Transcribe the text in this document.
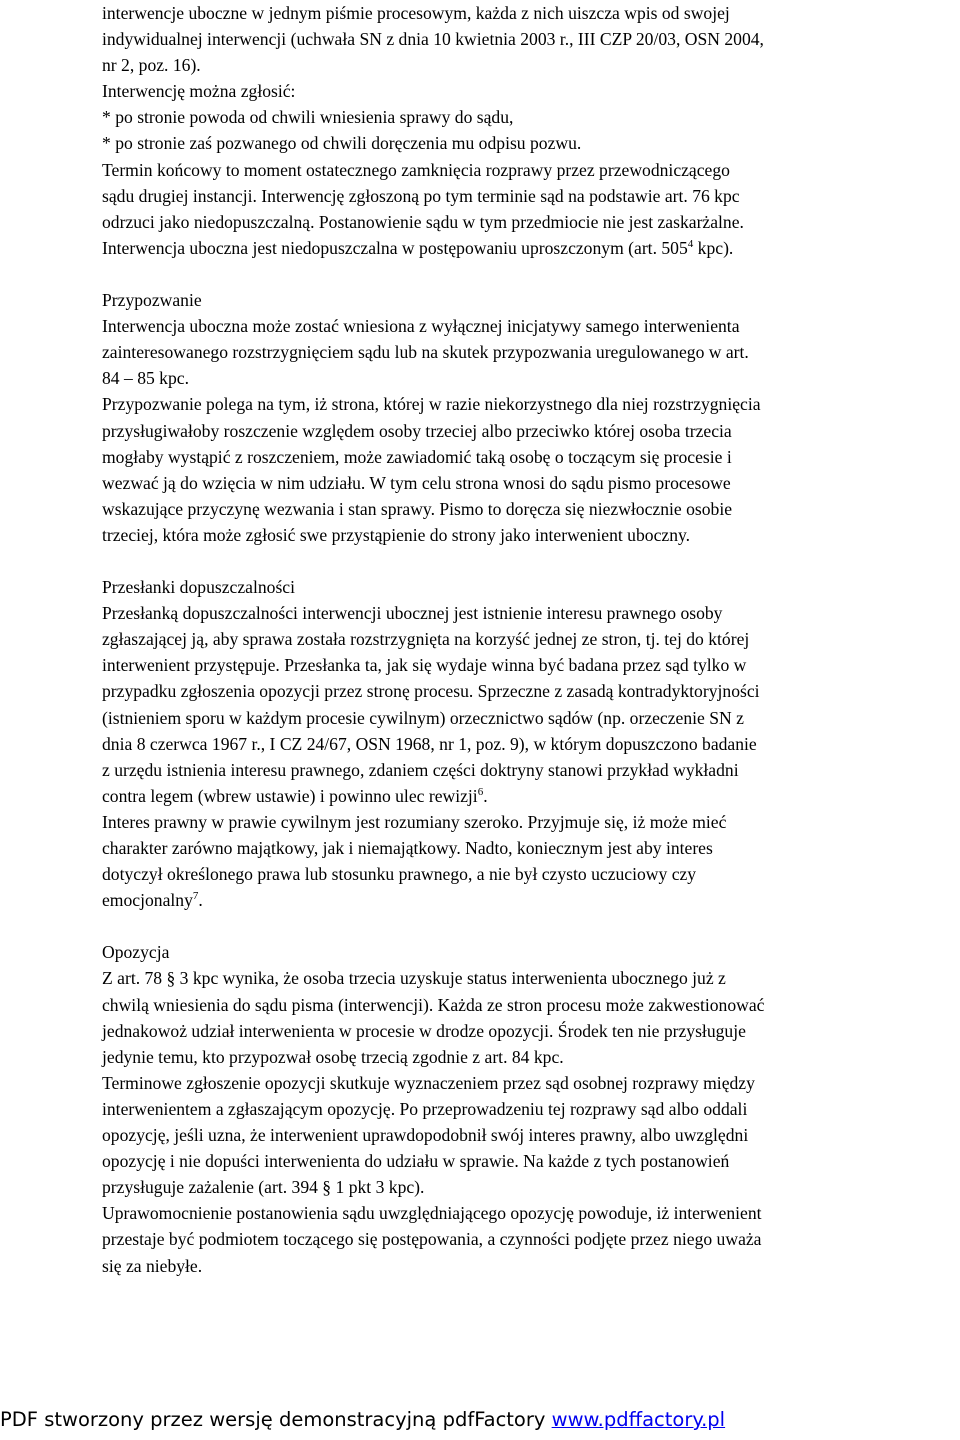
interwencje uboczne w jednym piśmie procesowym, każda z nich uiszcza wpis od swojej
indywidualnej interwencji (uchwała SN z dnia 10 kwietnia 2003 r., III CZP 20/03, OSN 2004,
nr 2, poz. 16).
Interwencję można zgłosić:
* po stronie powoda od chwili wniesienia sprawy do sądu,
* po stronie zaś pozwanego od chwili doręczenia mu odpisu pozwu.
Termin końcowy to moment ostatecznego zamknięcia rozprawy przez przewodniczącego
sądu drugiej instancji. Interwencję zgłoszoną po tym terminie sąd na podstawie art. 76 kpc
odrzuci jako niedopuszczalną. Postanowienie sądu w tym przedmiocie nie jest zaskarżalne.
Interwencja uboczna jest niedopuszczalna w postępowaniu uproszczonym (art. $505^4$ kpc).
Przypozwanie
Interwencja uboczna może zostać wniesiona z wyłącznej inicjatywy samego interwenienta
zainteresowanego rozstrzygnięciem sądu lub na skutek przypozwania uregulowanego w art.
84 – 85 kpc.
Przypozwanie polega na tym, iż strona, której w razie niekorzystnego dla niej rozstrzygnięcia
przysługiwałoby roszczenie względem osoby trzeciej albo przeciwko której osoba trzecia
mogłaby wystąpić z roszczeniem, może zawiadomić taką osobę o toczącym się procesie i
wezwać ją do wzięcia w nim udziału. W tym celu strona wnosi do sądu pismo procesowe
wskazujące przyczynę wezwania i stan sprawy. Pismo to doręcza się niezwłocznie osobie
trzeciej, która może zgłosić swe przystąpienie do strony jako interwenient uboczny.
Przesłanki dopuszczalności
Przesłanką dopuszczalności interwencji ubocznej jest istnienie interesu prawnego osoby
zgłaszającej ją, aby sprawa została rozstrzygnięta na korzyść jednej ze stron, tj. tej do której
interwenient przystępuje. Przesłanka ta, jak się wydaje winna być badana przez sąd tylko w
przypadku zgłoszenia opozycji przez stronę procesu. Sprzeczne z zasadą kontradyktoryjności
(istnieniem sporu w każdym procesie cywilnym) orzecznictwo sądów (np. orzeczenie SN z
dnia 8 czerwca 1967 r., I CZ 24/67, OSN 1968, nr 1, poz. 9), w którym dopuszczono badanie
z urzędu istnienia interesu prawnego, zdaniem części doktryny stanowi przykład wykładni
contra legem (wbrew ustawie) i powinno ulec rewizji$^6$.
Interes prawny w prawie cywilnym jest rozumiany szeroko. Przyjmuje się, iż może mieć
charakter zarówno majątkowy, jak i niemajątkowy. Nadto, koniecznym jest aby interes
dotyczył określonego prawa lub stosunku prawnego, a nie był czysto uczuciowy czy
emocjonalny$^7$.
Opozycja
Z art. 78 § 3 kpc wynika, że osoba trzecia uzyskuje status interwenienta ubocznego już z
chwilą wniesienia do sądu pisma (interwencji). Każda ze stron procesu może zakwestionować
jednakowoż udział interwenienta w procesie w drodze opozycji. Środek ten nie przysługuje
jedynie temu, kto przypozwał osobę trzecią zgodnie z art. 84 kpc.
Terminowe zgłoszenie opozycji skutkuje wyznaczeniem przez sąd osobnej rozprawy między
interwenientem a zgłaszającym opozycję. Po przeprowadzeniu tej rozprawy sąd albo oddali
opozycję, jeśli uzna, że interwenient uprawdopodobnił swój interes prawny, albo uwzględni
opozycję i nie dopuści interwenienta do udziału w sprawie. Na każde z tych postanowień
przysługuje zażalenie (art. 394 § 1 pkt 3 kpc).
Uprawomocnienie postanowienia sądu uwzględniającego opozycję powoduje, iż interwenient
przestaje być podmiotem toczącego się postępowania, a czynności podjęte przez niego uważa
się za niebyłe.
PDF stworzony przez wersję demonstracyjną pdfFactory www.pdffactory.pl
